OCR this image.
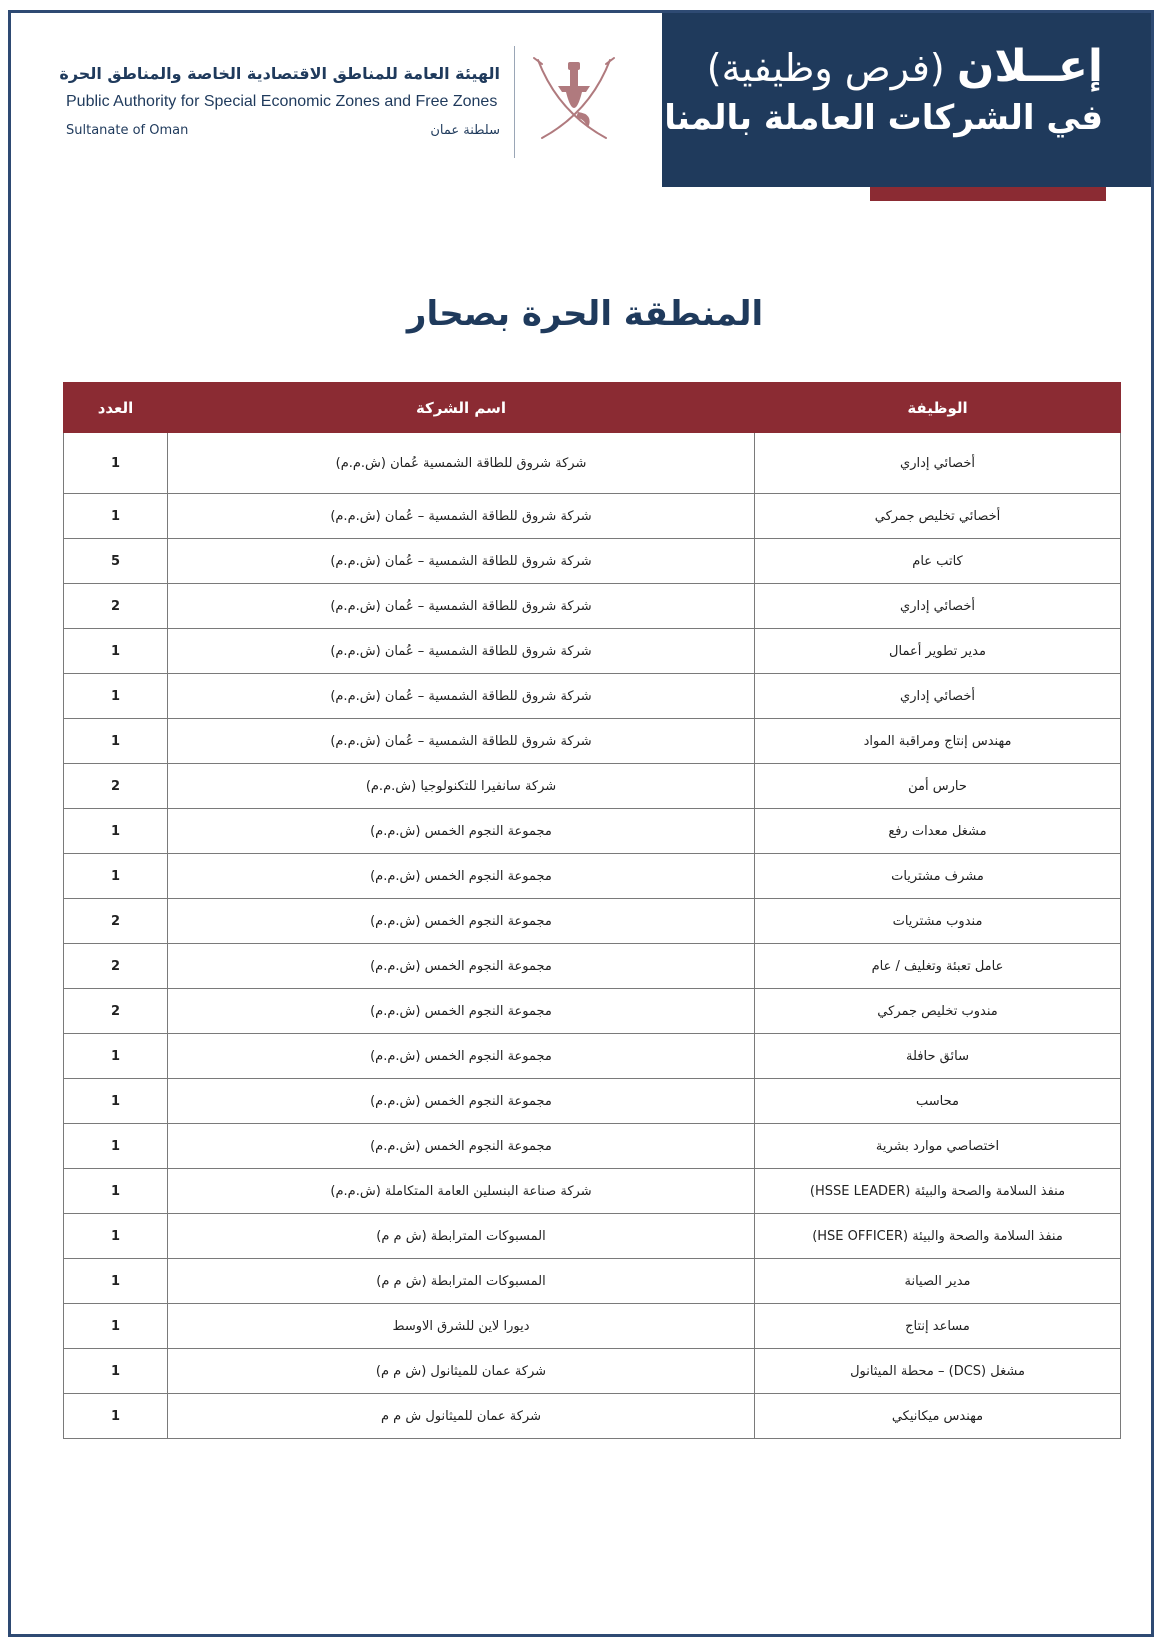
إعــلان (فرص وظيفية)
في الشركات العاملة بالمناطق
الهيئة العامة للمناطق الاقتصادية الخاصة والمناطق الحرة
Public Authority for Special Economic Zones and Free Zones
Sultanate of Oman	سلطنة عمان
المنطقة الحرة بصحار
الوظيفة	اسم الشركة	العدد
أخصائي إداري	شركة شروق للطاقة الشمسية عُمان (ش.م.م)	1
أخصائي تخليص جمركي	شركة شروق للطاقة الشمسية – عُمان (ش.م.م)	1
كاتب عام	شركة شروق للطاقة الشمسية – عُمان (ش.م.م)	5
أخصائي إداري	شركة شروق للطاقة الشمسية – عُمان (ش.م.م)	2
مدير تطوير أعمال	شركة شروق للطاقة الشمسية – عُمان (ش.م.م)	1
أخصائي إداري	شركة شروق للطاقة الشمسية – عُمان (ش.م.م)	1
مهندس إنتاج ومراقبة المواد	شركة شروق للطاقة الشمسية – عُمان (ش.م.م)	1
حارس أمن	شركة سانفيرا للتكنولوجيا (ش.م.م)	2
مشغل معدات رفع	مجموعة النجوم الخمس (ش.م.م)	1
مشرف مشتريات	مجموعة النجوم الخمس (ش.م.م)	1
مندوب مشتريات	مجموعة النجوم الخمس (ش.م.م)	2
عامل تعبئة وتغليف / عام	مجموعة النجوم الخمس (ش.م.م)	2
مندوب تخليص جمركي	مجموعة النجوم الخمس (ش.م.م)	2
سائق حافلة	مجموعة النجوم الخمس (ش.م.م)	1
محاسب	مجموعة النجوم الخمس (ش.م.م)	1
اختصاصي موارد بشرية	مجموعة النجوم الخمس (ش.م.م)	1
منفذ السلامة والصحة والبيئة (HSSE LEADER)	شركة صناعة البنسلين العامة المتكاملة (ش.م.م)	1
منفذ السلامة والصحة والبيئة (HSE OFFICER)	المسبوكات المترابطة (ش م م)	1
مدير الصيانة	المسبوكات المترابطة (ش م م)	1
مساعد إنتاج	ديورا لاين للشرق الاوسط	1
مشغل (DCS) – محطة الميثانول	شركة عمان للميثانول (ش م م)	1
مهندس ميكانيكي	شركة عمان للميثانول ش م م	1
